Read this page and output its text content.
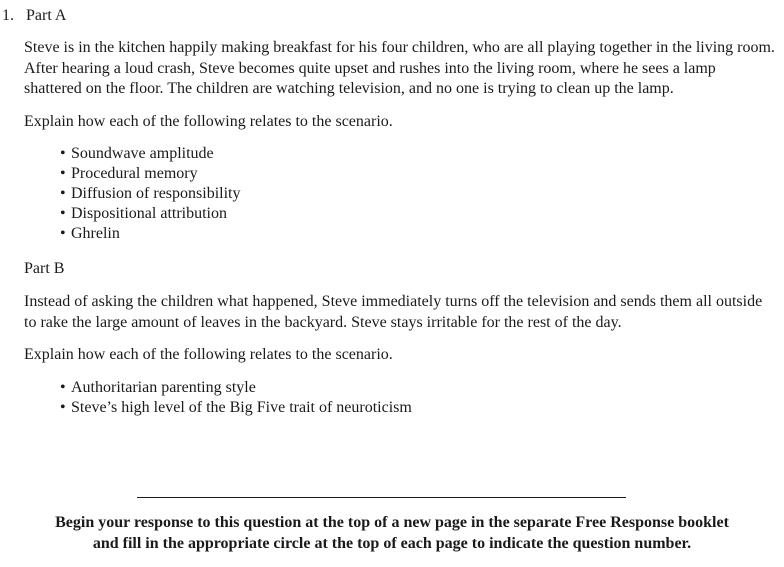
1. Part A

Steve is in the kitchen happily making breakfast for his four children, who are all playing together in the living room. After hearing a loud crash, Steve becomes quite upset and rushes into the living room, where he sees a lamp shattered on the floor. The children are watching television, and no one is trying to clean up the lamp.

Explain how each of the following relates to the scenario.

• Soundwave amplitude
• Procedural memory
• Diffusion of responsibility
• Dispositional attribution
• Ghrelin

Part B

Instead of asking the children what happened, Steve immediately turns off the television and sends them all outside to rake the large amount of leaves in the backyard. Steve stays irritable for the rest of the day.

Explain how each of the following relates to the scenario.

• Authoritarian parenting style
• Steve’s high level of the Big Five trait of neuroticism
Begin your response to this question at the top of a new page in the separate Free Response booklet
and fill in the appropriate circle at the top of each page to indicate the question number.
